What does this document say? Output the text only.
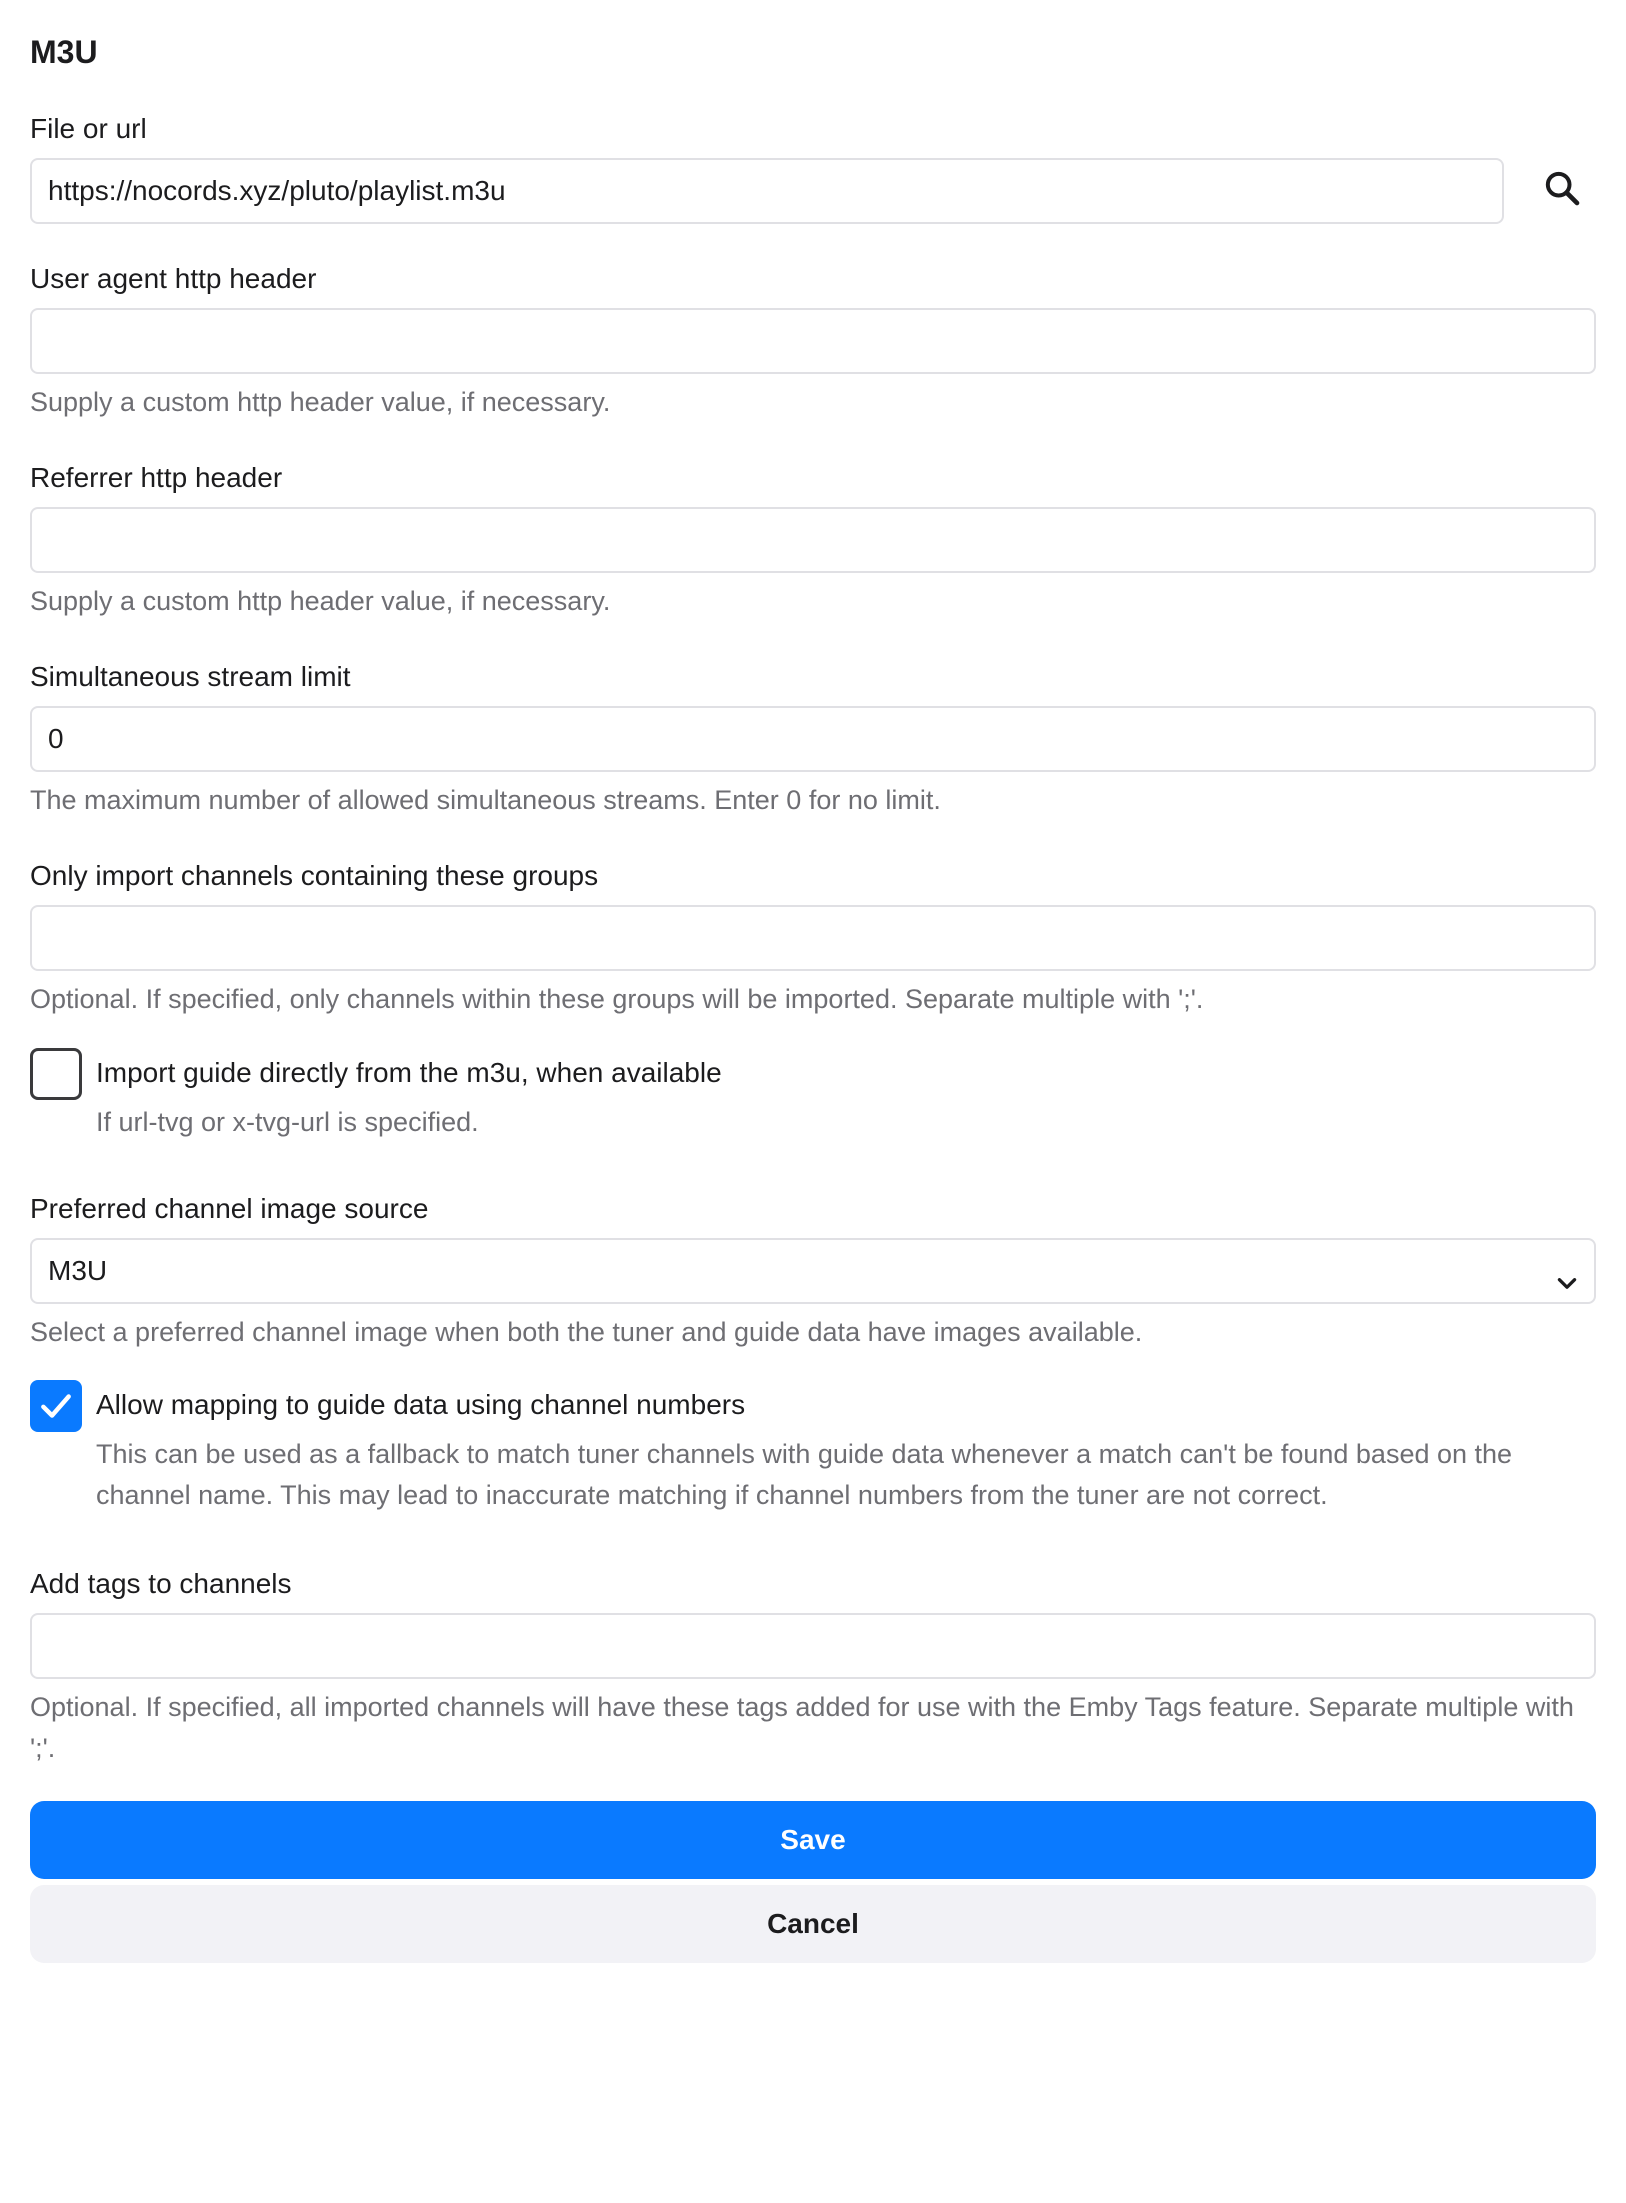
M3U
File or url
https://nocords.xyz/pluto/playlist.m3u
User agent http header
Supply a custom http header value, if necessary.
Referrer http header
Supply a custom http header value, if necessary.
Simultaneous stream limit
0
The maximum number of allowed simultaneous streams. Enter 0 for no limit.
Only import channels containing these groups
Optional. If specified, only channels within these groups will be imported. Separate multiple with ';'.
Import guide directly from the m3u, when available
If url-tvg or x-tvg-url is specified.
Preferred channel image source
M3U
Select a preferred channel image when both the tuner and guide data have images available.
Allow mapping to guide data using channel numbers
This can be used as a fallback to match tuner channels with guide data whenever a match can't be found based on the channel name. This may lead to inaccurate matching if channel numbers from the tuner are not correct.
Add tags to channels
Optional. If specified, all imported channels will have these tags added for use with the Emby Tags feature. Separate multiple with ';'.
Save
Cancel
